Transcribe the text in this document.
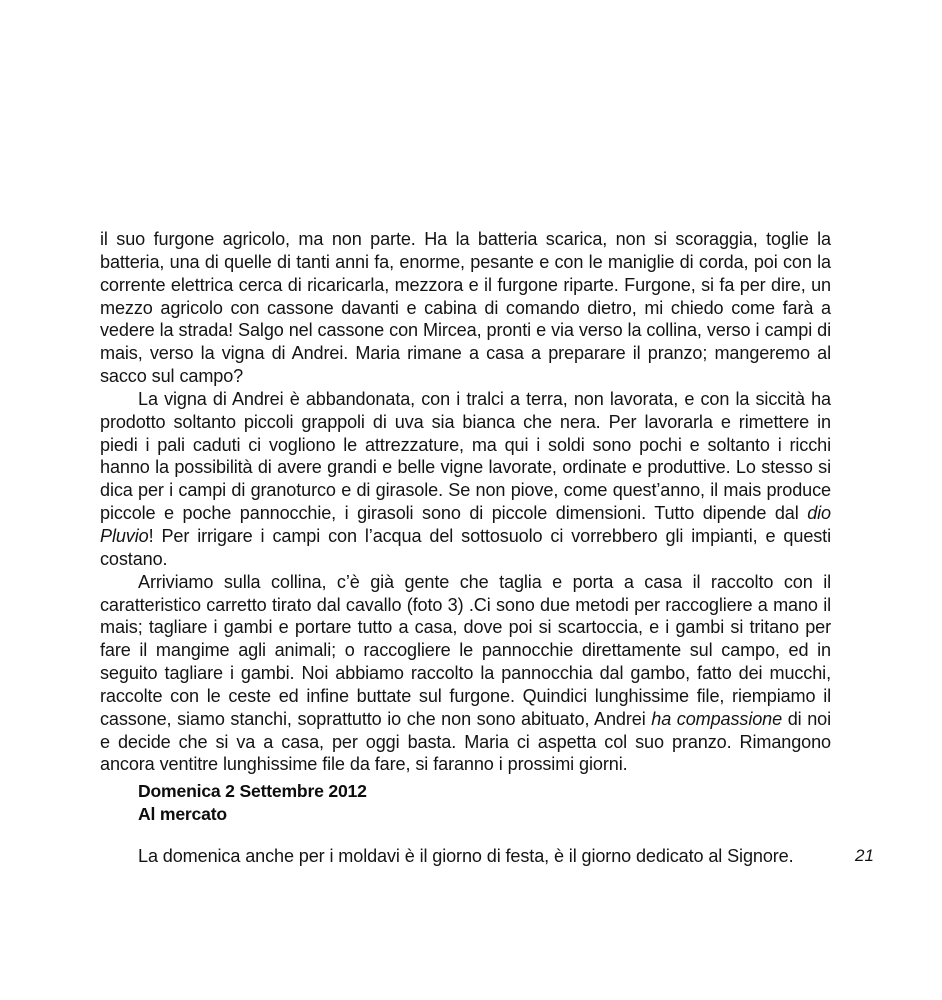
il suo furgone agricolo, ma non parte. Ha la batteria scarica, non si scoraggia, toglie la batteria, una di quelle di tanti anni fa, enorme, pesante e con le maniglie di corda, poi con la corrente elettrica cerca di ricaricarla, mezzora e il furgone riparte. Furgone, si fa per dire, un mezzo agricolo con cassone davanti e cabina di comando dietro, mi chiedo come farà a vedere la strada! Salgo nel cassone con Mircea, pronti e via verso la collina, verso i campi di mais, verso la vigna di Andrei. Maria rimane a casa a preparare il pranzo; mangeremo al sacco sul campo?

La vigna di Andrei è abbandonata, con i tralci a terra, non lavorata, e con la siccità ha prodotto soltanto piccoli grappoli di uva sia bianca che nera. Per lavorarla e rimettere in piedi i pali caduti ci vogliono le attrezzature, ma qui i soldi sono pochi e soltanto i ricchi hanno la possibilità di avere grandi e belle vigne lavorate, ordinate e produttive. Lo stesso si dica per i campi di granoturco e di girasole. Se non piove, come quest’anno, il mais produce piccole e poche pannocchie, i girasoli sono di piccole dimensioni. Tutto dipende dal dio Pluvio! Per irrigare i campi con l’acqua del sottosuolo ci vorrebbero gli impianti, e questi costano.

Arriviamo sulla collina, c’è già gente che taglia e porta a casa il raccolto con il caratteristico carretto tirato dal cavallo (foto 3) .Ci sono due metodi per raccogliere a mano il mais; tagliare i gambi e portare tutto a casa, dove poi si scartoccia, e i gambi si tritano per fare il mangime agli animali; o raccogliere le pannocchie direttamente sul campo, ed in seguito tagliare i gambi. Noi abbiamo raccolto la pannocchia dal gambo, fatto dei mucchi, raccolte con le ceste ed infine buttate sul furgone. Quindici lunghissime file, riempiamo il cassone, siamo stanchi, soprattutto io che non sono abituato, Andrei ha compassione di noi e decide che si va a casa, per oggi basta. Maria ci aspetta col suo pranzo. Rimangono ancora ventitre lunghissime file da fare, si faranno i prossimi giorni.

Domenica 2 Settembre 2012

Al mercato

La domenica anche per i moldavi è il giorno di festa, è il giorno dedicato al Signore.	21
